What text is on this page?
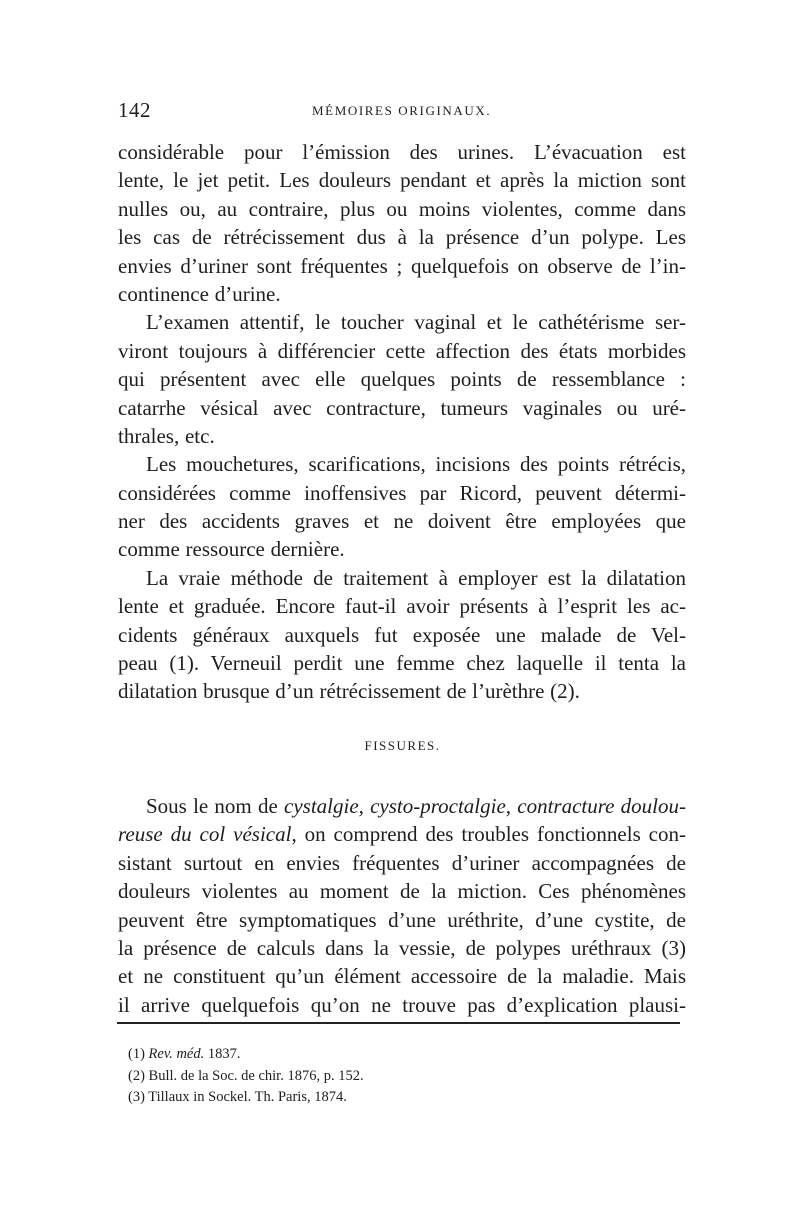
142	MÉMOIRES ORIGINAUX.
considérable pour l’émission des urines. L’évacuation est
lente, le jet petit. Les douleurs pendant et après la miction sont
nulles ou, au contraire, plus ou moins violentes, comme dans
les cas de rétrécissement dus à la présence d’un polype. Les
envies d’uriner sont fréquentes ; quelquefois on observe de l’in-
continence d’urine.
L’examen attentif, le toucher vaginal et le cathétérisme ser-
viront toujours à différencier cette affection des états morbides
qui présentent avec elle quelques points de ressemblance :
catarrhe vésical avec contracture, tumeurs vaginales ou uré-
thrales, etc.
Les mouchetures, scarifications, incisions des points rétrécis,
considérées comme inoffensives par Ricord, peuvent détermi-
ner des accidents graves et ne doivent être employées que
comme ressource dernière.
La vraie méthode de traitement à employer est la dilatation
lente et graduée. Encore faut-il avoir présents à l’esprit les ac-
cidents généraux auxquels fut exposée une malade de Vel-
peau (1). Verneuil perdit une femme chez laquelle il tenta la
dilatation brusque d’un rétrécissement de l’urèthre (2).
FISSURES.
Sous le nom de cystalgie, cysto-proctalgie, contracture doulou-
reuse du col vésical, on comprend des troubles fonctionnels con-
sistant surtout en envies fréquentes d’uriner accompagnées de
douleurs violentes au moment de la miction. Ces phénomènes
peuvent être symptomatiques d’une uréthrite, d’une cystite, de
la présence de calculs dans la vessie, de polypes uréthraux (3)
et ne constituent qu’un élément accessoire de la maladie. Mais
il arrive quelquefois qu’on ne trouve pas d’explication plausi-
(1) Rev. méd. 1837.
(2) Bull. de la Soc. de chir. 1876, p. 152.
(3) Tillaux in Sockel. Th. Paris, 1874.
